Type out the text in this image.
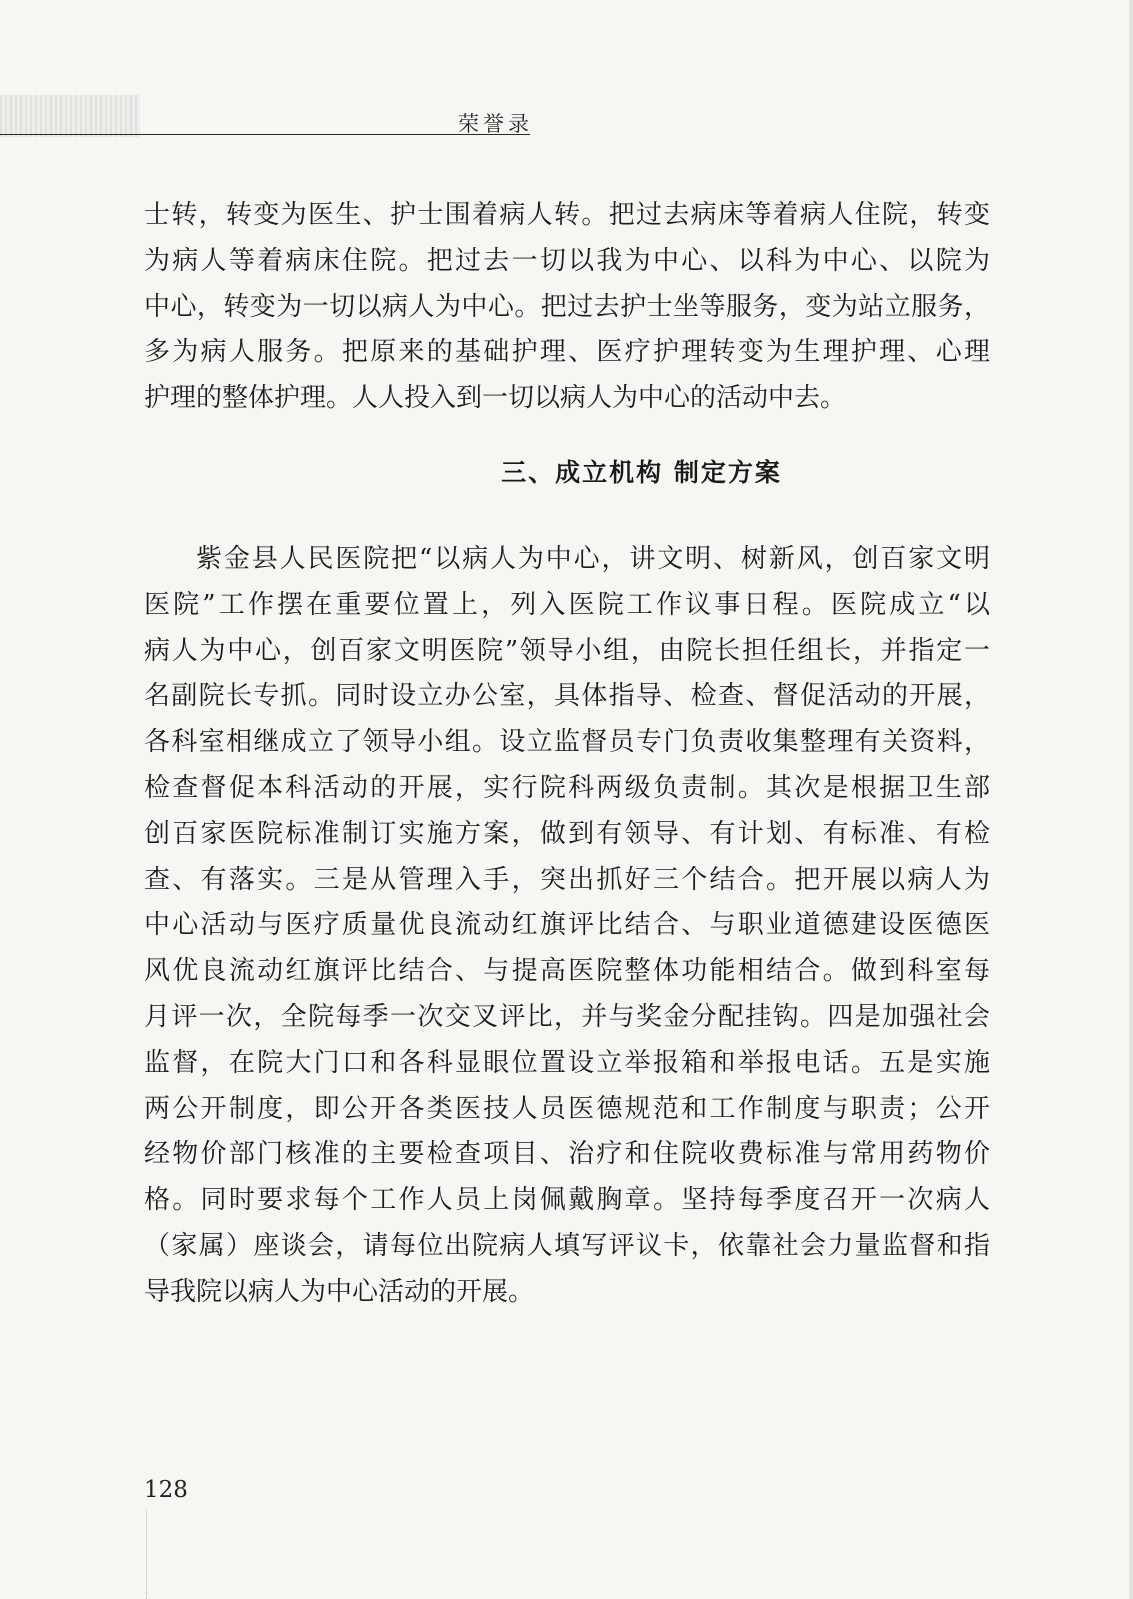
荣誉录
士转，转变为医生、护士围着病人转。把过去病床等着病人住院，转变
为病人等着病床住院。把过去一切以我为中心、以科为中心、以院为
中心，转变为一切以病人为中心。把过去护士坐等服务，变为站立服务，
多为病人服务。把原来的基础护理、医疗护理转变为生理护理、心理
护理的整体护理。人人投入到一切以病人为中心的活动中去。
三、成立机构 制定方案
紫金县人民医院把“以病人为中心，讲文明、树新风，创百家文明
医院”工作摆在重要位置上，列入医院工作议事日程。医院成立“以
病人为中心，创百家文明医院”领导小组，由院长担任组长，并指定一
名副院长专抓。同时设立办公室，具体指导、检查、督促活动的开展，
各科室相继成立了领导小组。设立监督员专门负责收集整理有关资料，
检查督促本科活动的开展，实行院科两级负责制。其次是根据卫生部
创百家医院标准制订实施方案，做到有领导、有计划、有标准、有检
查、有落实。三是从管理入手，突出抓好三个结合。把开展以病人为
中心活动与医疗质量优良流动红旗评比结合、与职业道德建设医德医
风优良流动红旗评比结合、与提高医院整体功能相结合。做到科室每
月评一次，全院每季一次交叉评比，并与奖金分配挂钩。四是加强社会
监督，在院大门口和各科显眼位置设立举报箱和举报电话。五是实施
两公开制度，即公开各类医技人员医德规范和工作制度与职责；公开
经物价部门核准的主要检查项目、治疗和住院收费标准与常用药物价
格。同时要求每个工作人员上岗佩戴胸章。坚持每季度召开一次病人
（家属）座谈会，请每位出院病人填写评议卡，依靠社会力量监督和指
导我院以病人为中心活动的开展。
128
